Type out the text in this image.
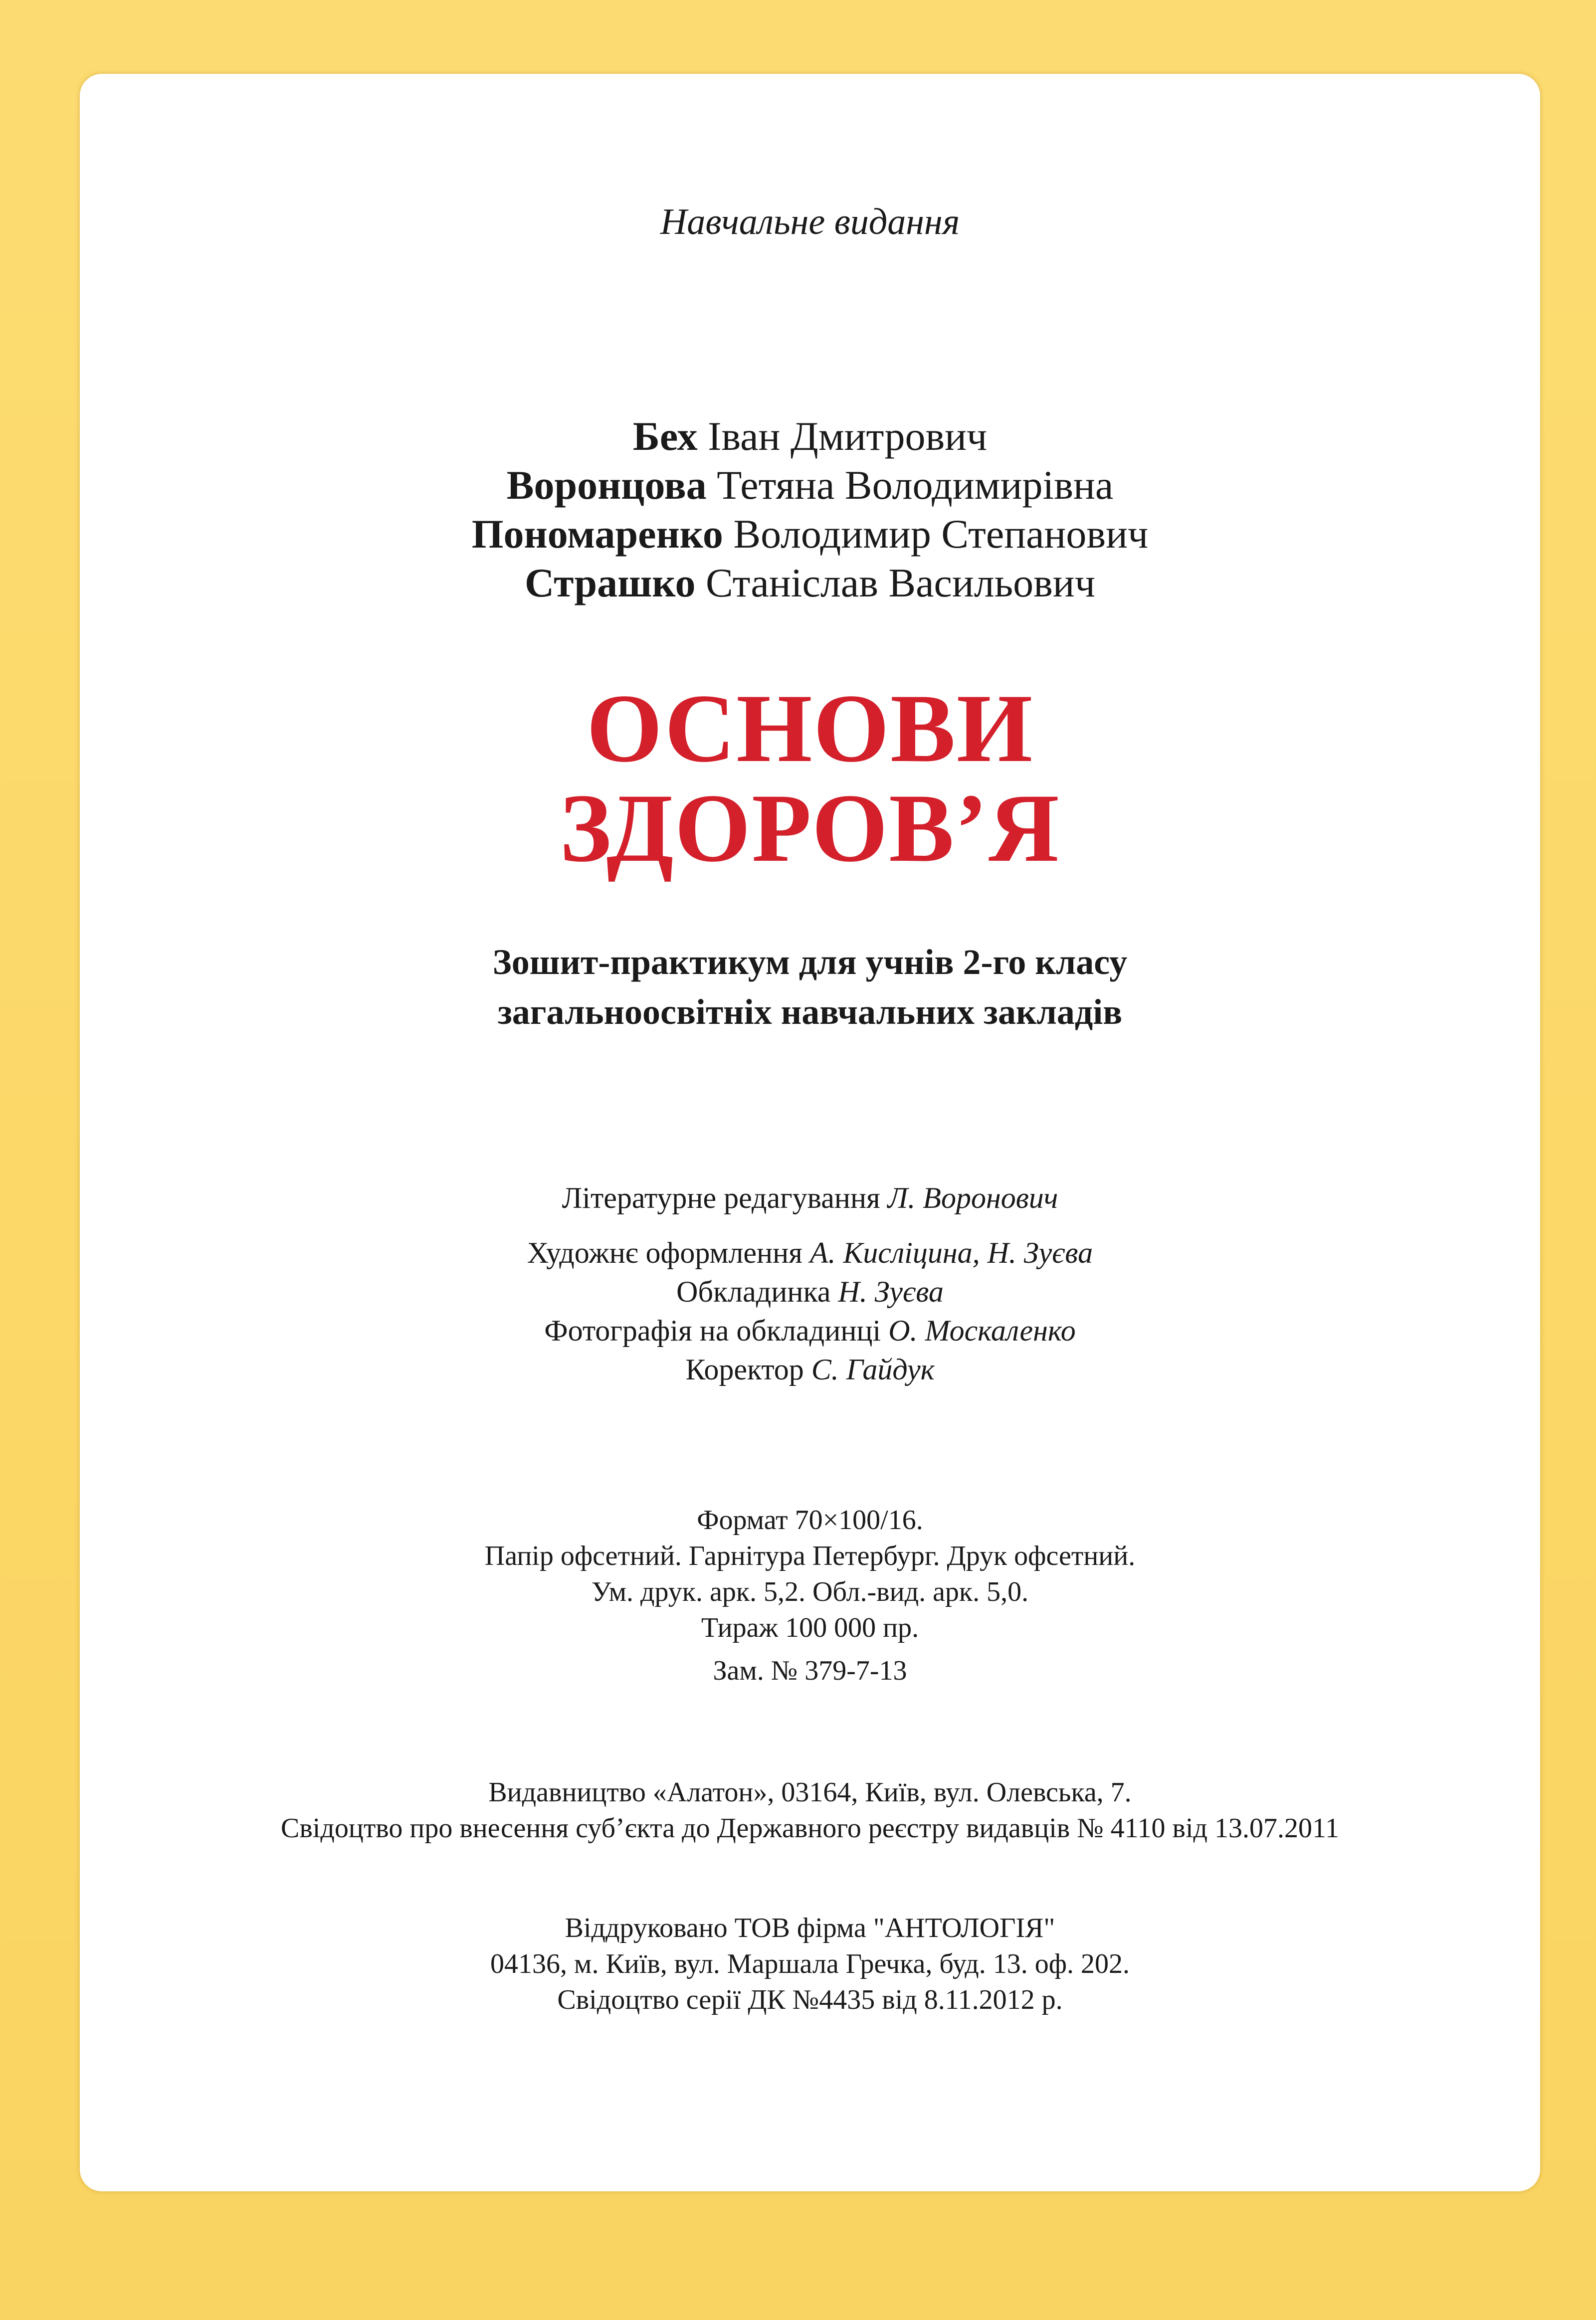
Навчальне видання
Бех Іван Дмитрович
Воронцова Тетяна Володимирівна
Пономаренко Володимир Степанович
Страшко Станіслав Васильович
ОСНОВИ
ЗДОРОВ’Я
Зошит-практикум для учнів 2-го класу
загальноосвітніх навчальних закладів
Літературне редагування Л. Воронович
Художнє оформлення А. Кисліцина, Н. Зуєва
Обкладинка Н. Зуєва
Фотографія на обкладинці О. Москаленко
Коректор С. Гайдук
Формат 70×100/16.
Папір офсетний. Гарнітура Петербург. Друк офсетний.
Ум. друк. арк. 5,2. Обл.-вид. арк. 5,0.
Тираж 100 000 пр.
Зам. № 379-7-13
Видавництво «Алатон», 03164, Київ, вул. Олевська, 7.
Свідоцтво про внесення суб’єкта до Державного реєстру видавців № 4110 від 13.07.2011
Віддруковано ТОВ фірма "АНТОЛОГІЯ"
04136, м. Київ, вул. Маршала Гречка, буд. 13. оф. 202.
Свідоцтво серії ДК №4435 від 8.11.2012 р.
